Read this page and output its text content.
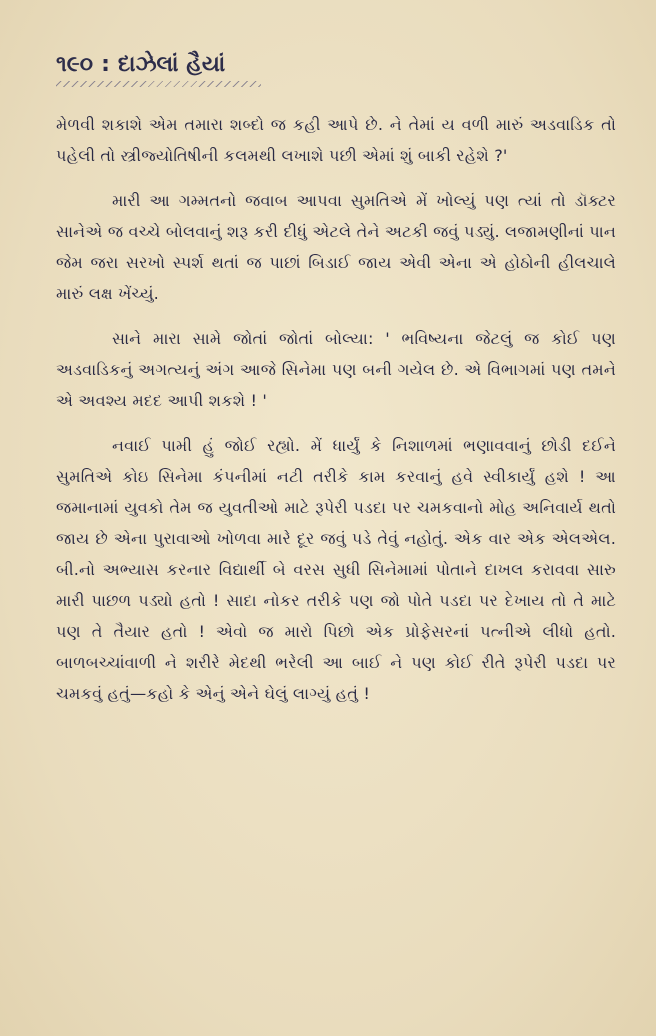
૧૯૦ : દાઝેલાં હૈયાં

મેળવી શકાશે એમ તમારા શબ્દો જ કહી આપે છે. ને તેમાં ય વળી મારું અડવાડિક તો પહેલી તો સ્ત્રીજ્યોતિષીની કલમથી લખાશે પછી એમાં શું બાકી રહેશે ?'

મારી આ ગમ્મતનો જવાબ આપવા સુમતિએ મેં ખોલ્યું પણ ત્યાં તો ડૉક્ટર સાનેએ જ વચ્ચે બોલવાનું શરૂ કરી દીધું એટલે તેને અટકી જવું પડ્યું. લજામણીનાં પાન જેમ જરા સરખો સ્પર્શ થતાં જ પાછાં બિડાઈ જાય એવી એના એ હોઠોની હીલચાલે મારું લક્ષ ખેંચ્યું.

સાને મારા સામે જોતાં જોતાં બોલ્યા: ' ભવિષ્યના જેટલું જ કોઈ પણ અડવાડિકનું અગત્યનું અંગ આજે સિનેમા પણ બની ગયેલ છે. એ વિભાગમાં પણ તમને એ અવશ્ય મદદ આપી શકશે ! '

નવાઈ પામી હું જોઈ રહ્યો. મેં ધાર્યું કે નિશાળમાં ભણાવવાનું છોડી દઈને સુમતિએ કોઇ સિનેમા કંપનીમાં નટી તરીકે કામ કરવાનું હવે સ્વીકાર્યું હશે ! આ જમાનામાં યુવકો તેમ જ યુવતીઓ માટે રૂપેરી પડદા પર ચમકવાનો મોહ અનિવાર્ય થતો જાય છે એના પુરાવાઓ ખોળવા મારે દૂર જવું પડે તેવું નહોતું. એક વાર એક એલએલ. બી.નો અભ્યાસ કરનાર વિદ્યાર્થી બે વરસ સુધી સિનેમામાં પોતાને દાખલ કરાવવા સારુ મારી પાછળ પડ્યો હતો ! સાદા નોકર તરીકે પણ જો પોતે પડદા પર દેખાય તો તે માટે પણ તે તૈયાર હતો ! એવો જ મારો પિછો એક પ્રોફેસરનાં પત્નીએ લીધો હતો. બાળબચ્ચાંવાળી ને શરીરે મેદથી ભરેલી આ બાઈ ને પણ કોઈ રીતે રૂપેરી પડદા પર ચમકવું હતું—કહો કે એનું એને ઘેલું લાગ્યું હતું !
